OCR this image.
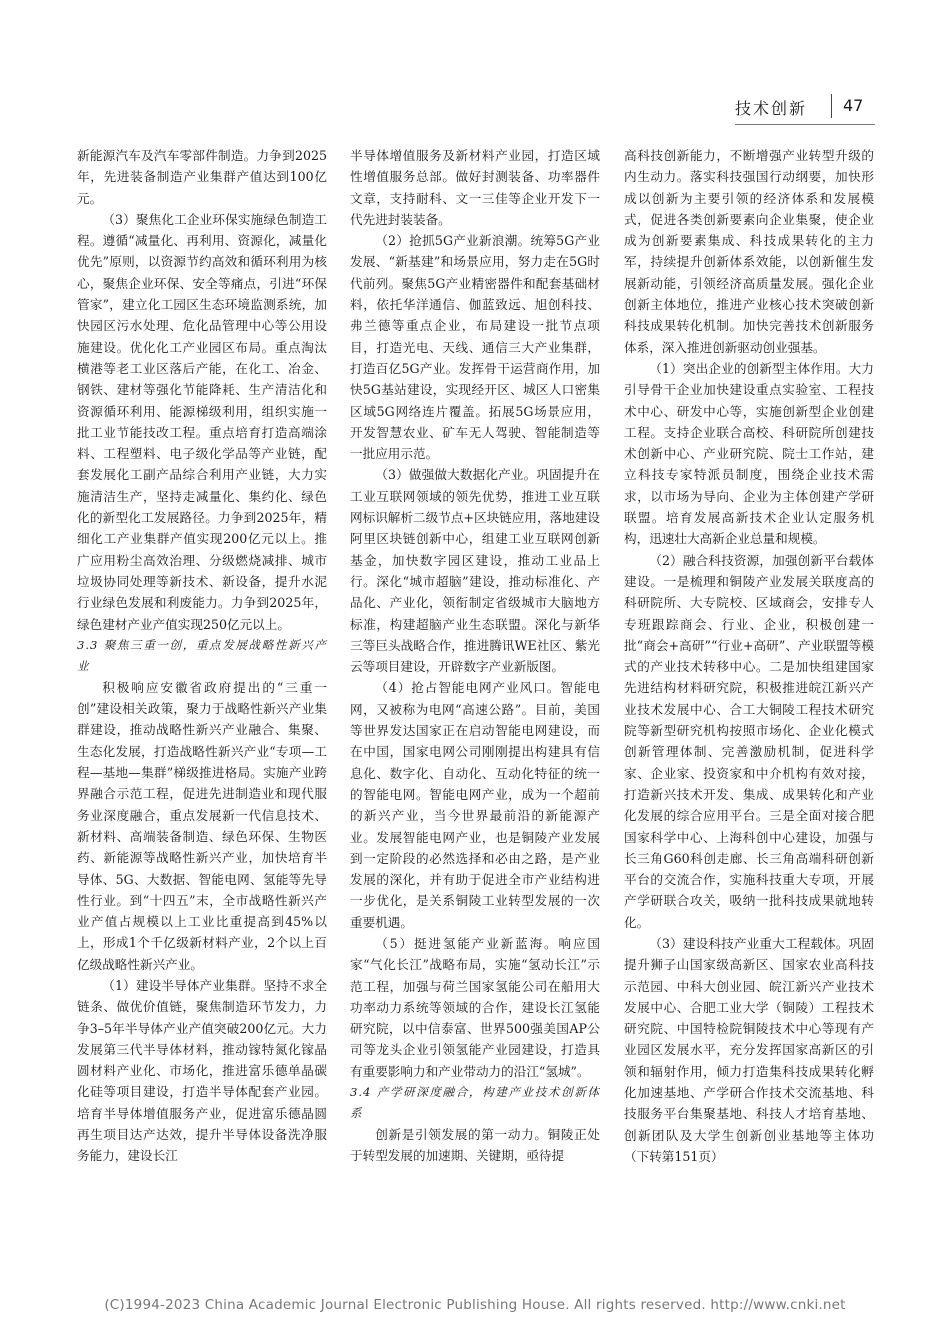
技术创新 47

新能源汽车及汽车零部件制造。力争到2025年，先进装备制造产业集群产值达到100亿元。

（3）聚焦化工企业环保实施绿色制造工程。遵循“减量化、再利用、资源化，减量化优先”原则，以资源节约高效和循环利用为核心，聚焦企业环保、安全等痛点，引进“环保管家”，建立化工园区生态环境监测系统，加快园区污水处理、危化品管理中心等公用设施建设。优化化工产业园区布局。重点淘汰横港等老工业区落后产能，在化工、冶金、钢铁、建材等强化节能降耗、生产清洁化和资源循环利用、能源梯级利用，组织实施一批工业节能技改工程。重点培育打造高端涂料、工程塑料、电子级化学品等产业链，配套发展化工副产品综合利用产业链，大力实施清洁生产，坚持走减量化、集约化、绿色化的新型化工发展路径。力争到2025年，精细化工产业集群产值实现200亿元以上。推广应用粉尘高效治理、分级燃烧减排、城市垃圾协同处理等新技术、新设备，提升水泥行业绿色发展和利废能力。力争到2025年，绿色建材产业产值实现250亿元以上。

3.3 聚焦三重一创，重点发展战略性新兴产业

积极响应安徽省政府提出的“三重一创”建设相关政策，聚力于战略性新兴产业集群建设，推动战略性新兴产业融合、集聚、生态化发展，打造战略性新兴产业“专项—工程—基地—集群”梯级推进格局。实施产业跨界融合示范工程，促进先进制造业和现代服务业深度融合，重点发展新一代信息技术、新材料、高端装备制造、绿色环保、生物医药、新能源等战略性新兴产业，加快培育半导体、5G、大数据、智能电网、氢能等先导性行业。到“十四五”末，全市战略性新兴产业产值占规模以上工业比重提高到45%以上，形成1个千亿级新材料产业，2个以上百亿级战略性新兴产业。

（1）建设半导体产业集群。坚持不求全链条、做优价值链，聚焦制造环节发力，力争3–5年半导体产业产值突破200亿元。大力发展第三代半导体材料，推动镓特氮化镓晶圆材料产业化、市场化，推进富乐德单晶碳化硅等项目建设，打造半导体配套产业园。培育半导体增值服务产业，促进富乐德晶圆再生项目达产达效，提升半导体设备洗净服务能力，建设长江

半导体增值服务及新材料产业园，打造区域性增值服务总部。做好封测装备、功率器件文章，支持耐科、文一三佳等企业开发下一代先进封装装备。

（2）抢抓5G产业新浪潮。统筹5G产业发展、“新基建”和场景应用，努力走在5G时代前列。聚焦5G产业精密器件和配套基础材料，依托华洋通信、伽蓝致远、旭创科技、弗兰德等重点企业，布局建设一批节点项目，打造光电、天线、通信三大产业集群，打造百亿5G产业。发挥骨干运营商作用，加快5G基站建设，实现经开区、城区人口密集区域5G网络连片覆盖。拓展5G场景应用，开发智慧农业、矿车无人驾驶、智能制造等一批应用示范。

（3）做强做大数据化产业。巩固提升在工业互联网领域的领先优势，推进工业互联网标识解析二级节点+区块链应用，落地建设阿里区块链创新中心，组建工业互联网创新基金，加快数字园区建设，推动工业品上行。深化“城市超脑”建设，推动标准化、产品化、产业化，领衔制定省级城市大脑地方标准，构建超脑产业生态联盟。深化与新华三等巨头战略合作，推进腾讯WE社区、紫光云等项目建设，开辟数字产业新版图。

（4）抢占智能电网产业风口。智能电网，又被称为电网“高速公路”。目前，美国等世界发达国家正在启动智能电网建设，而在中国，国家电网公司刚刚提出构建具有信息化、数字化、自动化、互动化特征的统一的智能电网。智能电网产业，成为一个超前的新兴产业，当今世界最前沿的新能源产业。发展智能电网产业，也是铜陵产业发展到一定阶段的必然选择和必由之路，是产业发展的深化，并有助于促进全市产业结构进一步优化，是关系铜陵工业转型发展的一次重要机遇。

（5）挺进氢能产业新蓝海。响应国家“气化长江”战略布局，实施“氢动长江”示范工程，加强与荷兰国家氢能公司在船用大功率动力系统等领域的合作，建设长江氢能研究院，以中信泰富、世界500强美国AP公司等龙头企业引领氢能产业园建设，打造具有重要影响力和产业带动力的沿江“氢城”。

3.4 产学研深度融合，构建产业技术创新体系

创新是引领发展的第一动力。铜陵正处于转型发展的加速期、关键期，亟待提

高科技创新能力，不断增强产业转型升级的内生动力。落实科技强国行动纲要，加快形成以创新为主要引领的经济体系和发展模式，促进各类创新要素向企业集聚，使企业成为创新要素集成、科技成果转化的主力军，持续提升创新体系效能，以创新催生发展新动能，引领经济高质量发展。强化企业创新主体地位，推进产业核心技术突破创新科技成果转化机制。加快完善技术创新服务体系，深入推进创新驱动创业强基。

（1）突出企业的创新型主体作用。大力引导骨干企业加快建设重点实验室、工程技术中心、研发中心等，实施创新型企业创建工程。支持企业联合高校、科研院所创建技术创新中心、产业研究院、院士工作站，建立科技专家特派员制度，围绕企业技术需求，以市场为导向、企业为主体创建产学研联盟。培育发展高新技术企业认定服务机构，迅速壮大高新企业总量和规模。

（2）融合科技资源，加强创新平台载体建设。一是梳理和铜陵产业发展关联度高的科研院所、大专院校、区域商会，安排专人专班跟踪商会、行业、企业，积极创建一批“商会+高研”“行业+高研”、产业联盟等模式的产业技术转移中心。二是加快组建国家先进结构材料研究院，积极推进皖江新兴产业技术发展中心、合工大铜陵工程技术研究院等新型研究机构按照市场化、企业化模式创新管理体制、完善激励机制，促进科学家、企业家、投资家和中介机构有效对接，打造新兴技术开发、集成、成果转化和产业化发展的综合应用平台。三是全面对接合肥国家科学中心、上海科创中心建设，加强与长三角G60科创走廊、长三角高端科研创新平台的交流合作，实施科技重大专项，开展产学研联合攻关，吸纳一批科技成果就地转化。

（3）建设科技产业重大工程载体。巩固提升狮子山国家级高新区、国家农业高科技示范园、中科大创业园、皖江新兴产业技术发展中心、合肥工业大学（铜陵）工程技术研究院、中国特检院铜陵技术中心等现有产业园区发展水平，充分发挥国家高新区的引领和辐射作用，倾力打造集科技成果转化孵化加速基地、产学研合作技术交流基地、科技服务平台集聚基地、科技人才培育基地、创新团队及大学生创新创业基地等主体功（下转第151页）

(C)1994-2023 China Academic Journal Electronic Publishing House. All rights reserved. http://www.cnki.net
